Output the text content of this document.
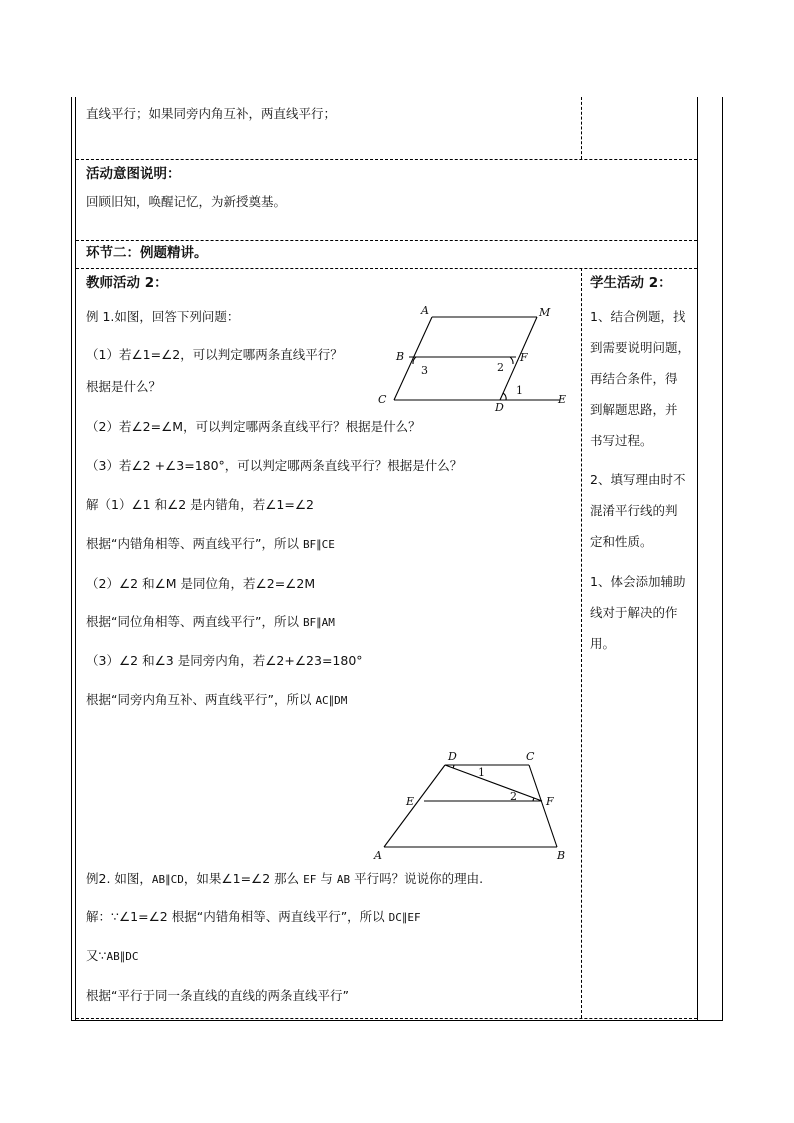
直线平行；如果同旁内角互补，两直线平行；
活动意图说明：
回顾旧知，唤醒记忆，为新授奠基。
环节二：例题精讲。
教师活动 2：
例 1.如图，回答下列问题：
（1）若∠1=∠2，可以判定哪两条直线平行？
根据是什么？
（2）若∠2=∠M，可以判定哪两条直线平行？根据是什么？
（3）若∠2 +∠3=180°，可以判定哪两条直线平行？根据是什么？
解（1）∠1 和∠2 是内错角，若∠1=∠2
根据“内错角相等、两直线平行”，所以 BF∥CE
（2）∠2 和∠M 是同位角，若∠2=∠2M
根据“同位角相等、两直线平行”，所以 BF∥AM
（3）∠2 和∠3 是同旁内角，若∠2+∠23=180°
根据“同旁内角互补、两直线平行”，所以 AC∥DM
例2. 如图，AB∥CD，如果∠1=∠2 那么 EF 与 AB 平行吗？说说你的理由.
解：∵∠1=∠2 根据“内错角相等、两直线平行”，所以 DC∥EF
又∵AB∥DC
根据“平行于同一条直线的直线的两条直线平行”
学生活动 2：
1、结合例题，找
到需要说明问题，
再结合条件，得
到解题思路，并
书写过程。
2、填写理由时不
混淆平行线的判
定和性质。
1、体会添加辅助
线对于解决的作
用。
A	M
B	F
C
D
E
1
2
3
D	C
E	F
A	B
1
2
